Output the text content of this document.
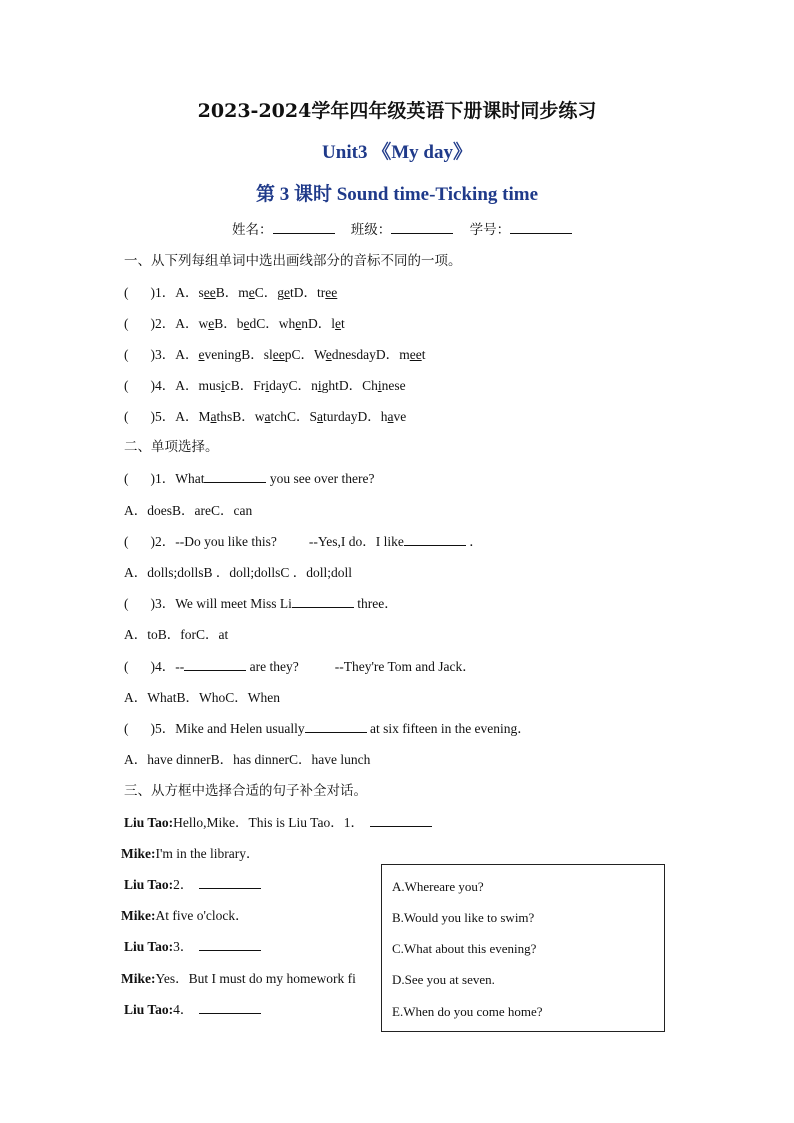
2023-2024学年四年级英语下册课时同步练习
Unit3 《My day》
第 3 课时 Sound time-Ticking time
姓名：	班级：	学号：
一、从下列每组单词中选出画线部分的音标不同的一项。
( )1．A．seeB．meC．getD．tree
( )2．A．weB．bedC．whenD．let
( )3．A．eveningB．sleepC．WednesdayD．meet
( )4．A．musicB．FridayC．nightD．Chinese
( )5．A．MathsB．watchC．SaturdayD．have
二、单项选择。
( )1．What	you see over there?
A．doesB．areC．can
( )2．--Do you like this? --Yes,I do．I like	．
A．dolls;dollsB ．doll;dollsC ．doll;doll
( )3．We will meet Miss Li	three．
A．toB．forC．at
( )4．--	are they?	--They're Tom and Jack．
A．WhatB．WhoC．When
( )5．Mike and Helen usually	at six fifteen in the evening．
A．have dinnerB．has dinnerC．have lunch
三、从方框中选择合适的句子补全对话。
Liu Tao:Hello,Mike．This is Liu Tao．1．
Mike:I'm in the library．
Liu Tao:2．
Mike:At five o'clock．
Liu Tao:3．
Mike:Yes．But I must do my homework fi
Liu Tao:4．
A.Whereare you?
B.Would you like to swim?
C.What about this evening?
D.See you at seven.
E.When do you come home?
